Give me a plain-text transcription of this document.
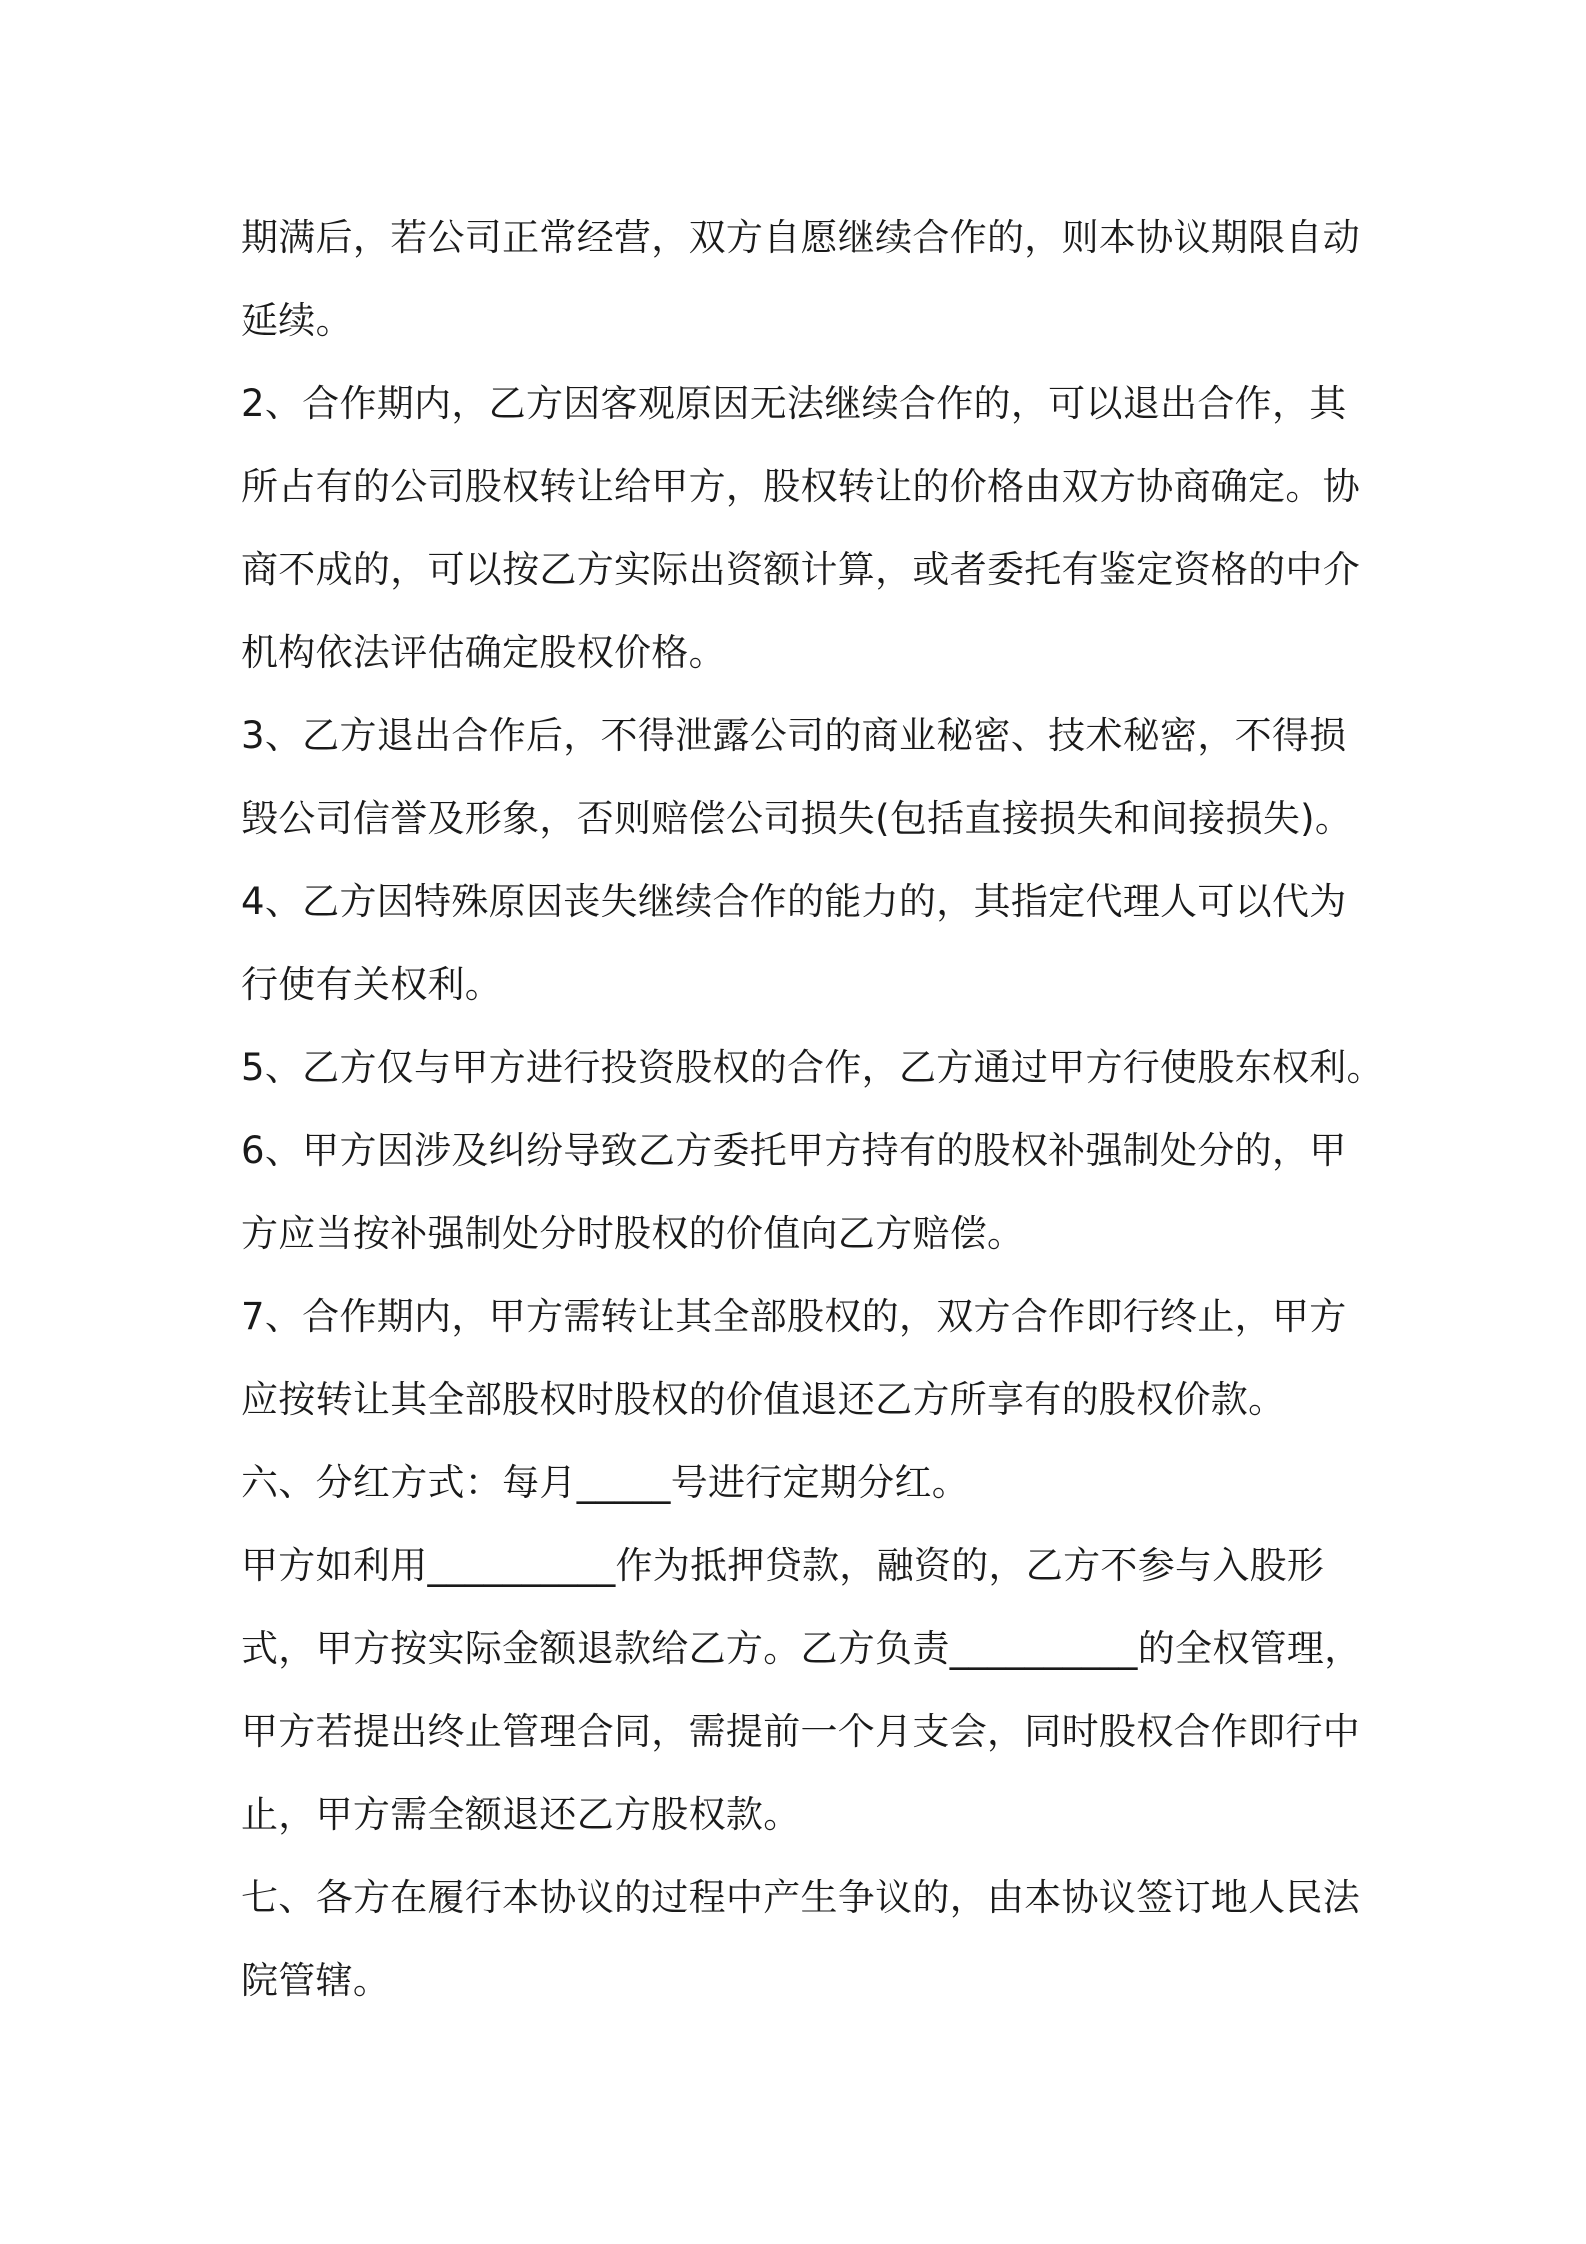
期满后，若公司正常经营，双方自愿继续合作的，则本协议期限自动
延续。
2、合作期内，乙方因客观原因无法继续合作的，可以退出合作，其
所占有的公司股权转让给甲方，股权转让的价格由双方协商确定。协
商不成的，可以按乙方实际出资额计算，或者委托有鉴定资格的中介
机构依法评估确定股权价格。
3、乙方退出合作后，不得泄露公司的商业秘密、技术秘密，不得损
毁公司信誉及形象，否则赔偿公司损失(包括直接损失和间接损失)。
4、乙方因特殊原因丧失继续合作的能力的，其指定代理人可以代为
行使有关权利。
5、乙方仅与甲方进行投资股权的合作，乙方通过甲方行使股东权利。
6、甲方因涉及纠纷导致乙方委托甲方持有的股权补强制处分的，甲
方应当按补强制处分时股权的价值向乙方赔偿。
7、合作期内，甲方需转让其全部股权的，双方合作即行终止，甲方
应按转让其全部股权时股权的价值退还乙方所享有的股权价款。
六、分红方式：每月_____号进行定期分红。
甲方如利用__________作为抵押贷款，融资的，乙方不参与入股形
式，甲方按实际金额退款给乙方。乙方负责__________的全权管理，
甲方若提出终止管理合同，需提前一个月支会，同时股权合作即行中
止，甲方需全额退还乙方股权款。
七、各方在履行本协议的过程中产生争议的，由本协议签订地人民法
院管辖。
